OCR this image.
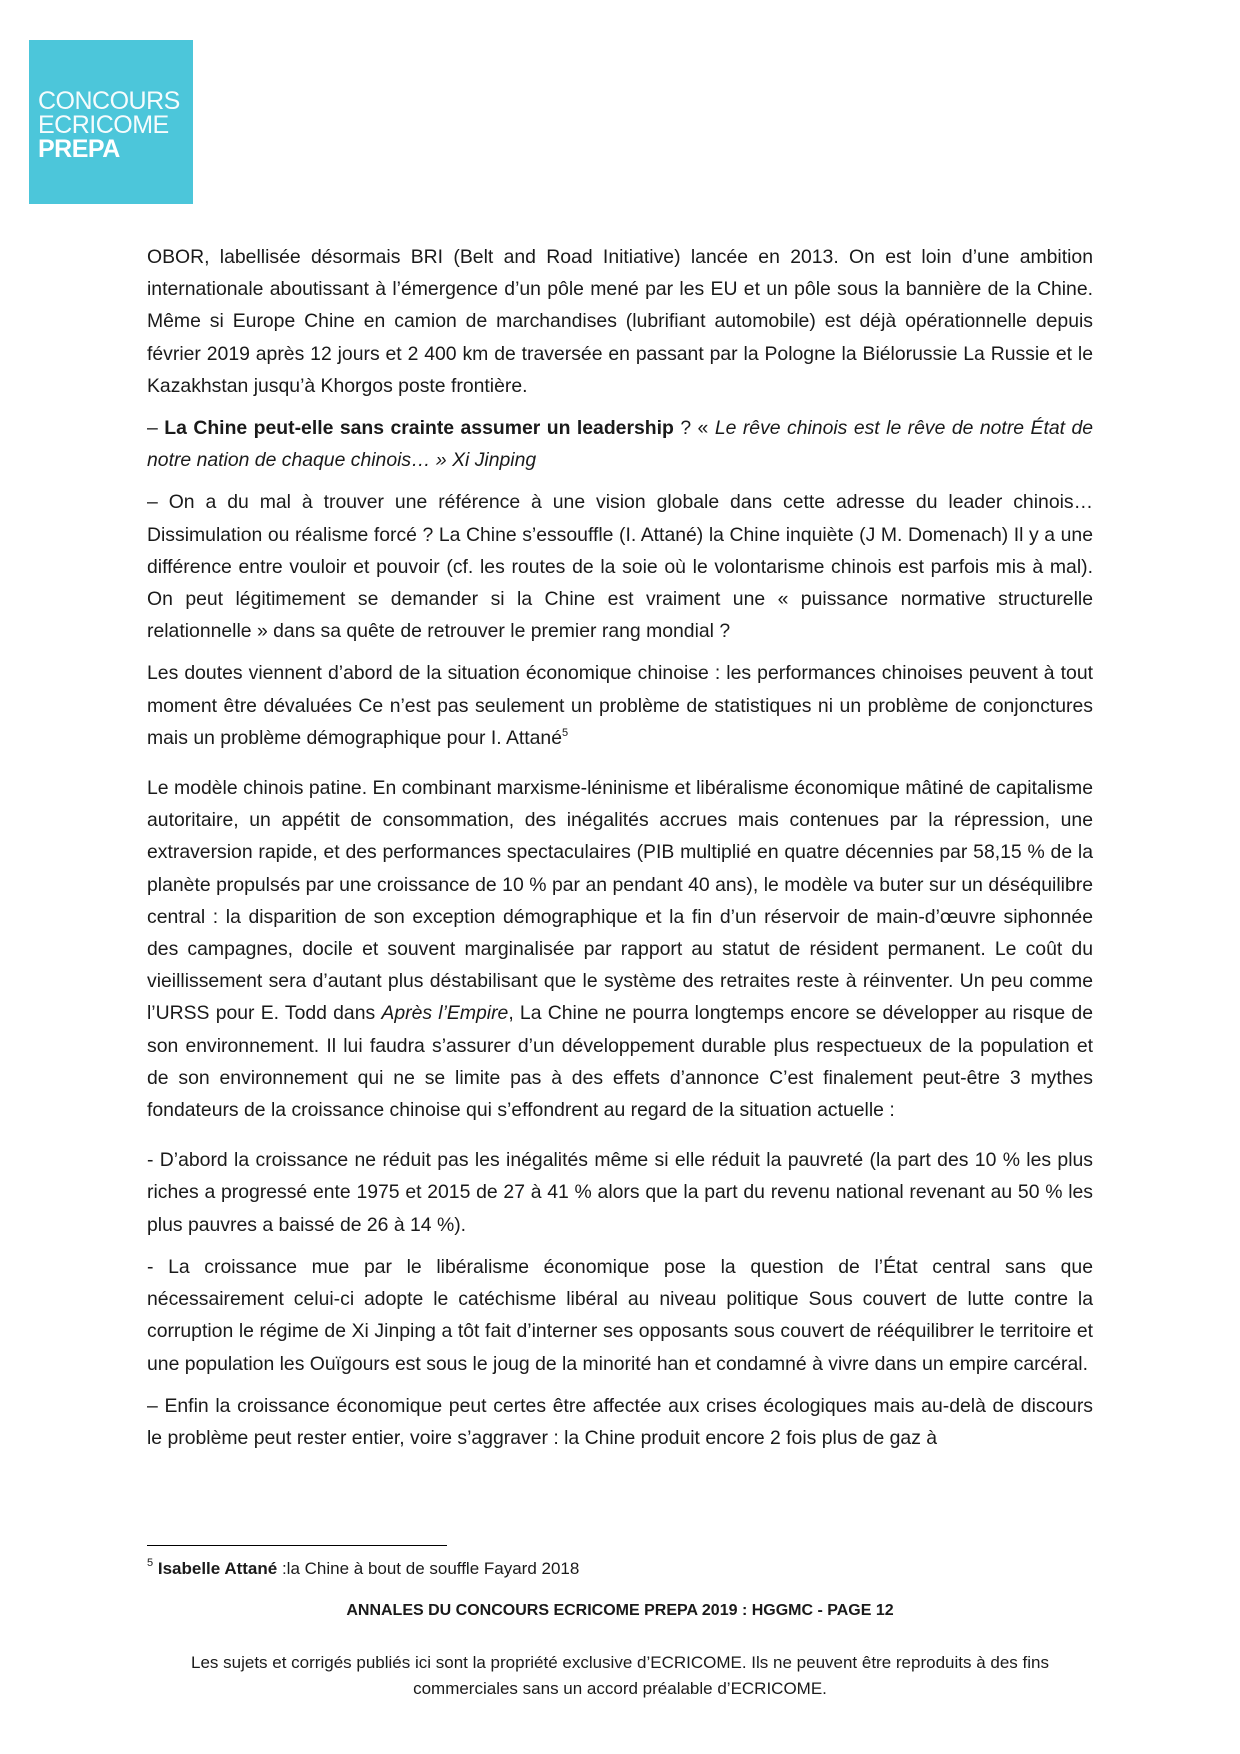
CONCOURS
ECRICOME
PREPA

OBOR, labellisée désormais BRI (Belt and Road Initiative) lancée en 2013. On est loin d’une ambition internationale aboutissant à l’émergence d’un pôle mené par les EU et un pôle sous la bannière de la Chine. Même si Europe Chine en camion de marchandises (lubrifiant automobile) est déjà opérationnelle depuis février 2019 après 12 jours et 2 400 km de traversée en passant par la Pologne la Biélorussie La Russie et le Kazakhstan jusqu’à Khorgos poste frontière.

– La Chine peut-elle sans crainte assumer un leadership ? « Le rêve chinois est le rêve de notre État de notre nation de chaque chinois… » Xi Jinping

– On a du mal à trouver une référence à une vision globale dans cette adresse du leader chinois… Dissimulation ou réalisme forcé ? La Chine s’essouffle (I. Attané) la Chine inquiète (J M. Domenach) Il y a une différence entre vouloir et pouvoir (cf. les routes de la soie où le volontarisme chinois est parfois mis à mal). On peut légitimement se demander si la Chine est vraiment une « puissance normative structurelle relationnelle » dans sa quête de retrouver le premier rang mondial ?

Les doutes viennent d’abord de la situation économique chinoise : les performances chinoises peuvent à tout moment être dévaluées Ce n’est pas seulement un problème de statistiques ni un problème de conjonctures mais un problème démographique pour I. Attané$^5$

Le modèle chinois patine. En combinant marxisme-léninisme et libéralisme économique mâtiné de capitalisme autoritaire, un appétit de consommation, des inégalités accrues mais contenues par la répression, une extraversion rapide, et des performances spectaculaires (PIB multiplié en quatre décennies par 58,15 % de la planète propulsés par une croissance de 10 % par an pendant 40 ans), le modèle va buter sur un déséquilibre central : la disparition de son exception démographique et la fin d’un réservoir de main-d’œuvre siphonnée des campagnes, docile et souvent marginalisée par rapport au statut de résident permanent. Le coût du vieillissement sera d’autant plus déstabilisant que le système des retraites reste à réinventer. Un peu comme l’URSS pour E. Todd dans Après l’Empire, La Chine ne pourra longtemps encore se développer au risque de son environnement. Il lui faudra s’assurer d’un développement durable plus respectueux de la population et de son environnement qui ne se limite pas à des effets d’annonce C’est finalement peut-être 3 mythes fondateurs de la croissance chinoise qui s’effondrent au regard de la situation actuelle :

- D’abord la croissance ne réduit pas les inégalités même si elle réduit la pauvreté (la part des 10 % les plus riches a progressé ente 1975 et 2015 de 27 à 41 % alors que la part du revenu national revenant au 50 % les plus pauvres a baissé de 26 à 14 %).

- La croissance mue par le libéralisme économique pose la question de l’État central sans que nécessairement celui-ci adopte le catéchisme libéral au niveau politique Sous couvert de lutte contre la corruption le régime de Xi Jinping a tôt fait d’interner ses opposants sous couvert de rééquilibrer le territoire et une population les Ouïgours est sous le joug de la minorité han et condamné à vivre dans un empire carcéral.

– Enfin la croissance économique peut certes être affectée aux crises écologiques mais au-delà de discours le problème peut rester entier, voire s’aggraver : la Chine produit encore 2 fois plus de gaz à

$^5$ Isabelle Attané :la Chine à bout de souffle Fayard 2018
ANNALES DU CONCOURS ECRICOME PREPA 2019 : HGGMC - PAGE 12
Les sujets et corrigés publiés ici sont la propriété exclusive d’ECRICOME. Ils ne peuvent être reproduits à des fins commerciales sans un accord préalable d’ECRICOME.
